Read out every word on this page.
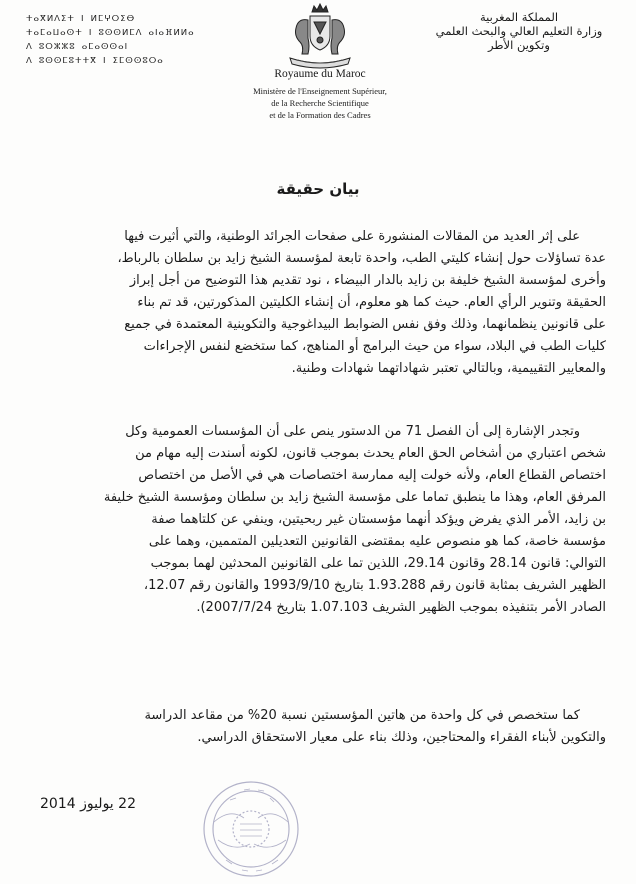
المملكة المغربية
وزارة التعليم العالي والبحث العلمي
وتكوين الأطر
ⵜⴰⴳⵍⴷⵉⵜ ⵏ ⵍⵎⵖⵔⵉⴱ
ⵜⴰⵎⴰⵡⴰⵙⵜ ⵏ ⵓⵙⵙⵍⵎⴷ ⴰⵏⴰⴼⵍⵍⴰ
ⴷ ⵓⵔⵣⵣⵓ ⴰⵎⴰⵙⵙⴰⵏ
ⴷ ⵓⵙⵙⵎⵓⵜⵜⴳ ⵏ ⵉⵎⵙⵙⵓⵔⴰ
Royaume du Maroc
Ministère de l'Enseignement Supérieur,
de la Recherche Scientifique
et de la Formation des Cadres
بيان حقيقة
على إثر العديد من المقالات المنشورة على صفحات الجرائد الوطنية، والتي أثيرت فيها
عدة تساؤلات حول إنشاء كليتي الطب، واحدة تابعة لمؤسسة الشيخ زايد بن سلطان بالرباط،
وأخرى لمؤسسة الشيخ خليفة بن زايد بالدار البيضاء ، نود تقديم هذا التوضيح من أجل إبراز
الحقيقة وتنوير الرأي العام. حيث كما هو معلوم، أن إنشاء الكليتين المذكورتين، قد تم بناء
على قانونين ينظمانهما، وذلك وفق نفس الضوابط البيداغوجية والتكوينية المعتمدة في جميع
كليات الطب في البلاد، سواء من حيث البرامج أو المناهج، كما ستخضع لنفس الإجراءات
والمعايير التقييمية، وبالتالي تعتبر شهاداتهما شهادات وطنية.
وتجدر الإشارة إلى أن الفصل 71 من الدستور ينص على أن المؤسسات العمومية وكل
شخص اعتباري من أشخاص الحق العام يحدث بموجب قانون، لكونه أسندت إليه مهام من
اختصاص القطاع العام، ولأنه خولت إليه ممارسة اختصاصات هي في الأصل من اختصاص
المرفق العام، وهذا ما ينطبق تماما على مؤسسة الشيخ زايد بن سلطان ومؤسسة الشيخ خليفة
بن زايد، الأمر الذي يفرض ويؤكد أنهما مؤسستان غير ربحيتين، وينفي عن كلتاهما صفة
مؤسسة خاصة، كما هو منصوص عليه بمقتضى القانونين التعديلين المتممين، وهما على
التوالي: قانون 28.14 وقانون 29.14، اللذين تما على القانونين المحدثين لهما بموجب
الظهير الشريف بمثابة قانون رقم 1.93.288 بتاريخ 1993/9/10 والقانون رقم 12.07،
الصادر الأمر بتنفيذه بموجب الظهير الشريف 1.07.103 بتاريخ 2007/7/24).
كما ستخصص في كل واحدة من هاتين المؤسستين نسبة 20% من مقاعد الدراسة
والتكوين لأبناء الفقراء والمحتاجين، وذلك بناء على معيار الاستحقاق الدراسي.
22 يوليوز 2014
